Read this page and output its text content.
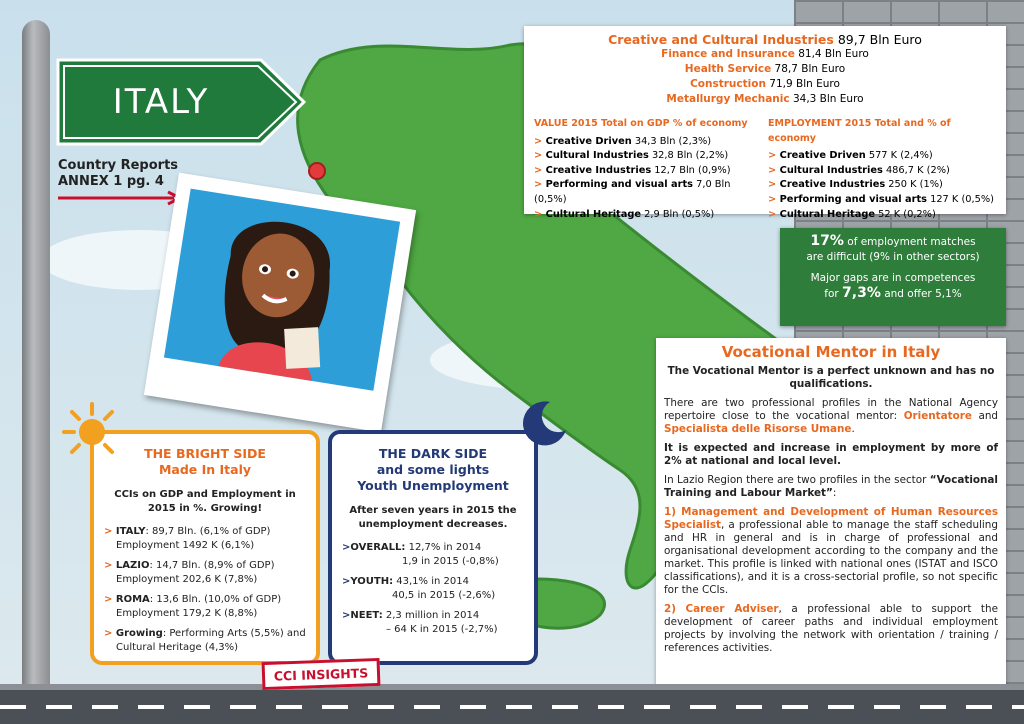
ITALY
Country Reports
ANNEX 1 pg. 4
Creative and Cultural Industries 89,7 Bln Euro
Finance and Insurance 81,4 Bln Euro
Health Service 78,7 Bln Euro
Construction 71,9 Bln Euro
Metallurgy Mechanic 34,3 Bln Euro
VALUE 2015 Total on GDP % of economy
> Creative Driven 34,3 Bln (2,3%)
> Cultural Industries 32,8 Bln (2,2%)
> Creative Industries 12,7 Bln (0,9%)
> Performing and visual arts 7,0 Bln (0,5%)
> Cultural Heritage 2,9 Bln (0,5%)
EMPLOYMENT 2015 Total and % of economy
> Creative Driven 577 K (2,4%)
> Cultural Industries 486,7 K (2%)
> Creative Industries 250 K (1%)
> Performing and visual arts 127 K (0,5%)
> Cultural Heritage 52 K (0,2%)
17% of employment matches
are difficult (9% in other sectors)
Major gaps are in competences
for 7,3% and offer 5,1%
Vocational Mentor in Italy

The Vocational Mentor is a perfect unknown and has no qualifications.

There are two professional profiles in the National Agency repertoire close to the vocational mentor: Orientatore and Specialista delle Risorse Umane.

It is expected and increase in employment by more of 2% at national and local level.

In Lazio Region there are two profiles in the sector “Vocational Training and Labour Market”:

1) Management and Development of Human Resources Specialist, a professional able to manage the staff scheduling and HR in general and is in charge of professional and organisational development according to the company and the market. This profile is linked with national ones (ISTAT and ISCO classifications), and it is a cross-sectorial profile, so not specific for the CCIs.

2) Career Adviser, a professional able to support the development of career paths and individual employment projects by involving the network with orientation / training / references activities.

THE BRIGHT SIDE
Made In Italy
CCIs on GDP and Employment in 2015 in %. Growing!
> ITALY: 89,7 Bln. (6,1% of GDP)
Employment 1492 K (6,1%)
> LAZIO: 14,7 Bln. (8,9% of GDP)
Employment 202,6 K (7,8%)
> ROMA: 13,6 Bln. (10,0% of GDP)
Employment 179,2 K (8,8%)
> Growing: Performing Arts (5,5%) and
Cultural Heritage (4,3%)
THE DARK SIDE
and some lights
Youth Unemployment
After seven years in 2015 the unemployment decreases.
> OVERALL: 12,7% in 2014
1,9 in 2015 (-0,8%)
> YOUTH: 43,1% in 2014
40,5 in 2015 (-2,6%)
> NEET: 2,3 million in 2014
– 64 K in 2015 (-2,7%)
CCI INSIGHTS
